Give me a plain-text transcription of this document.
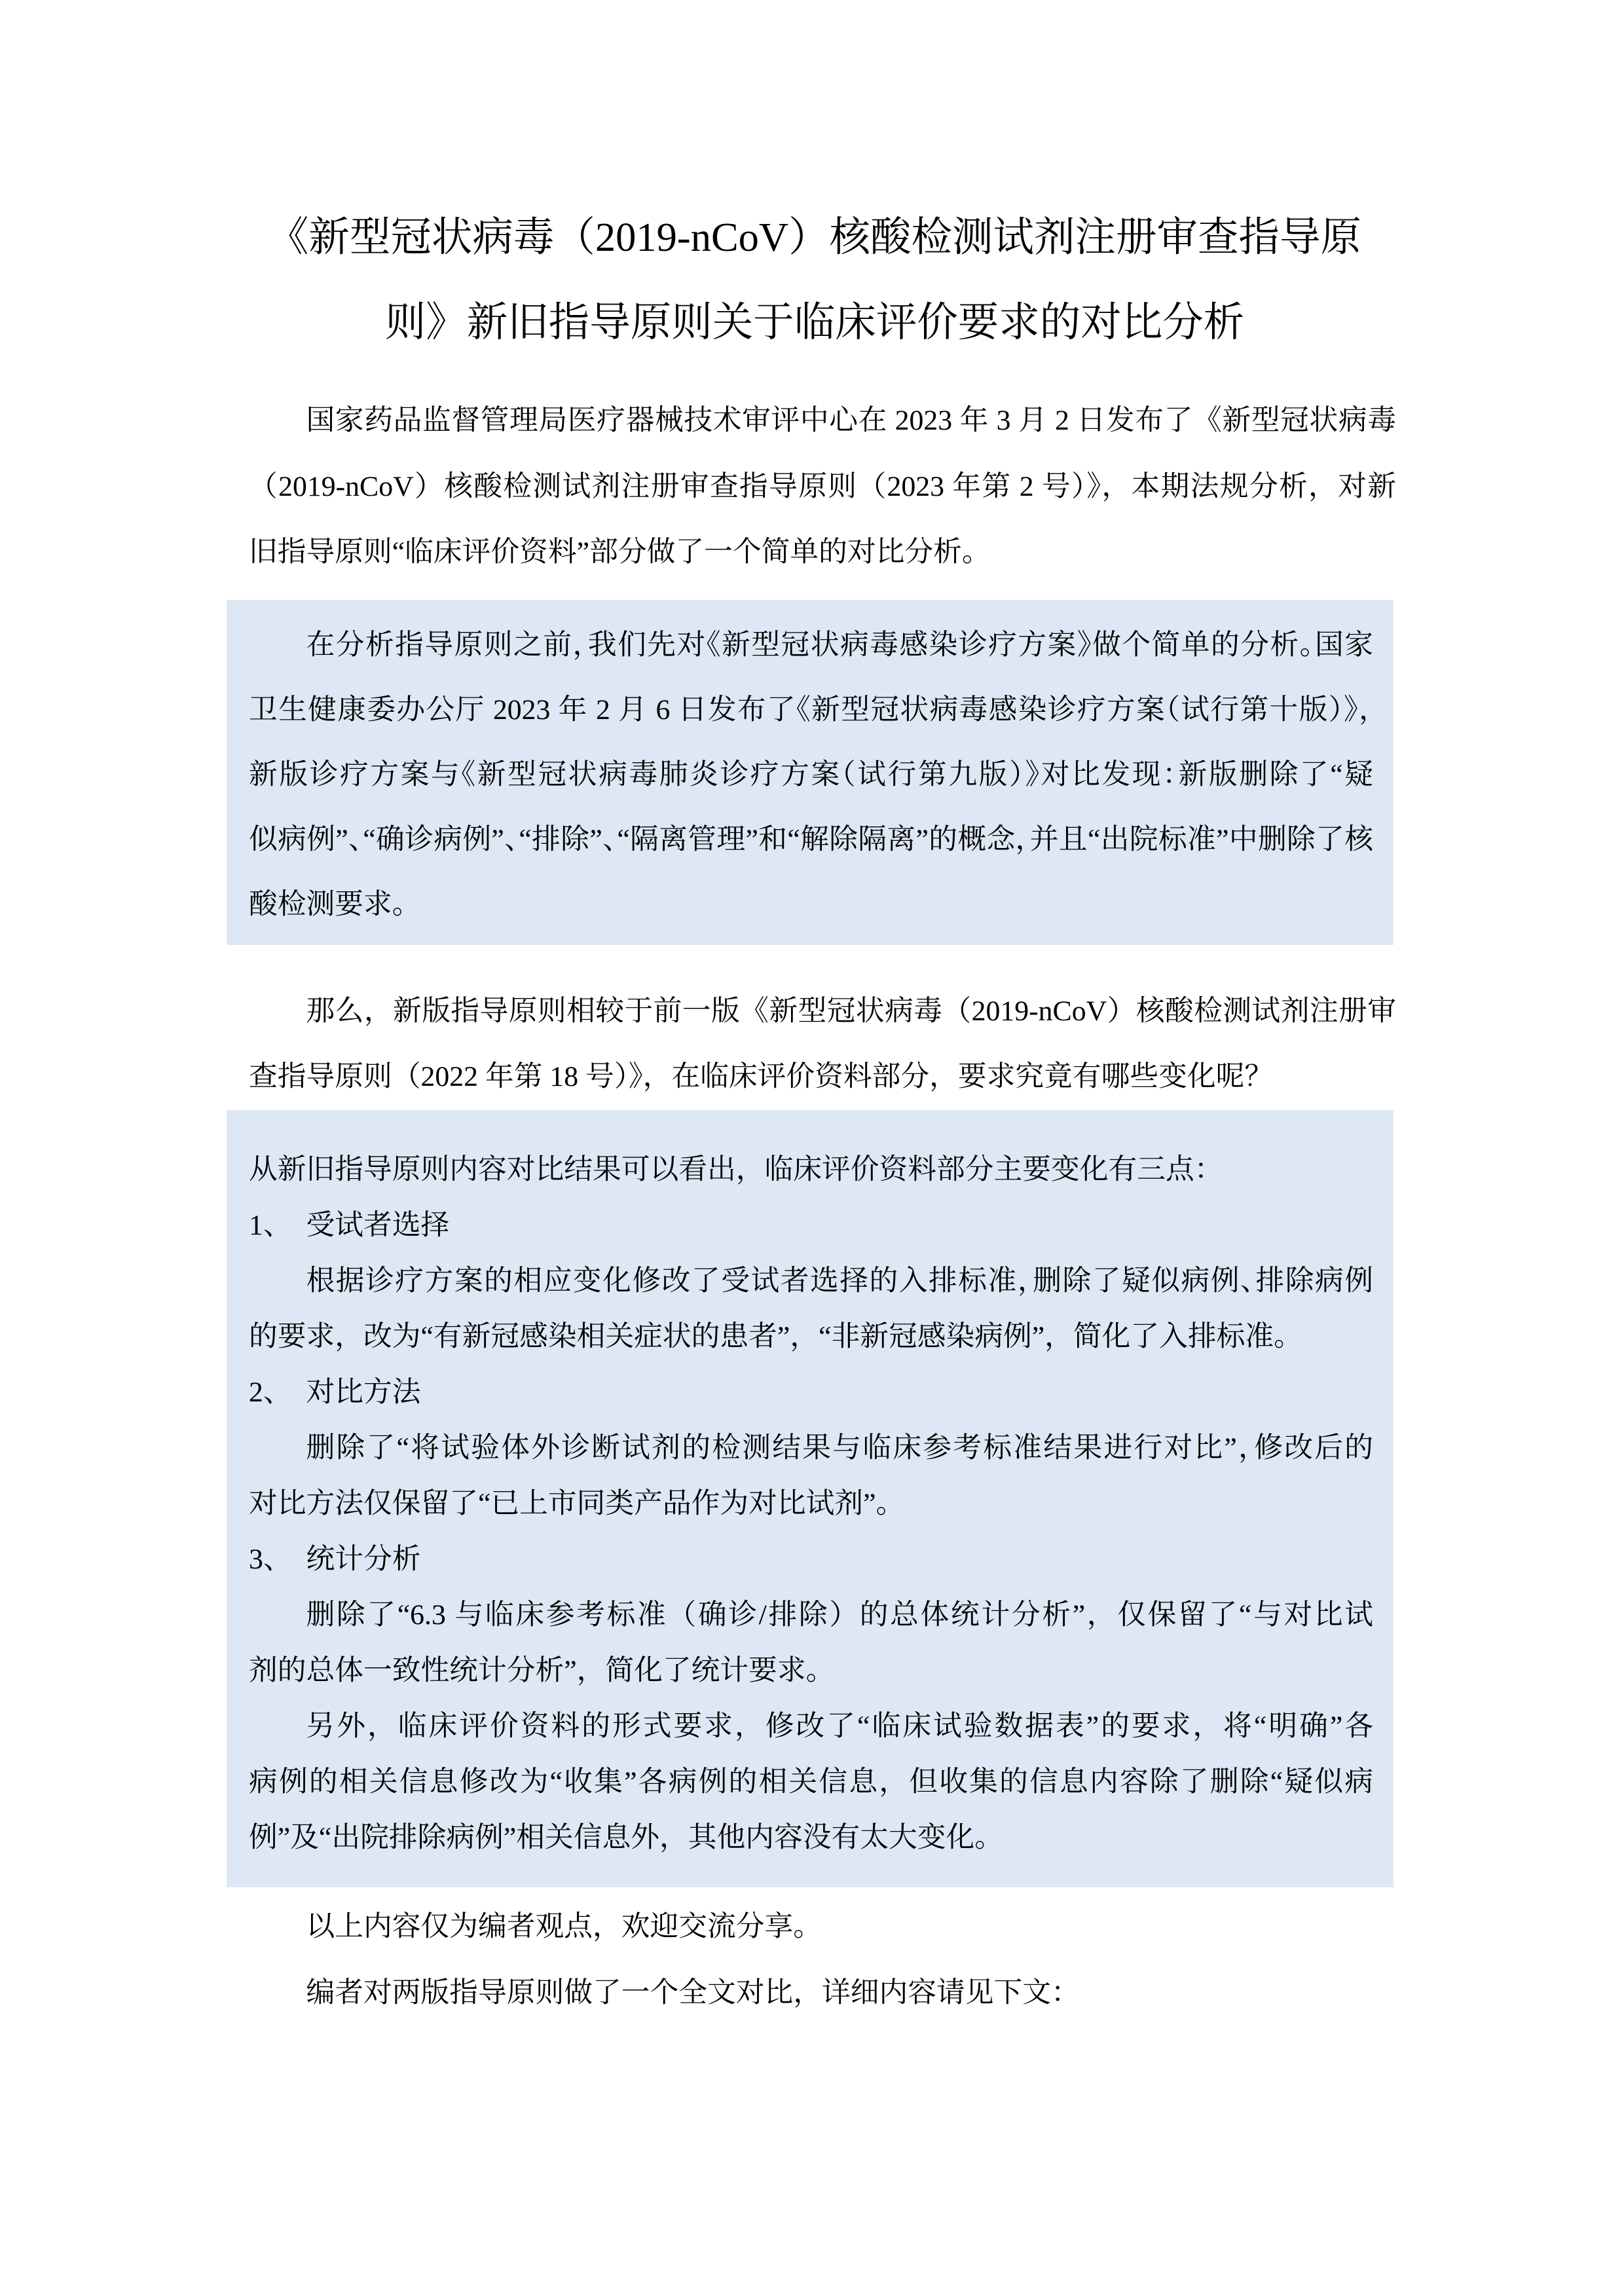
《新型冠状病毒（2019-nCoV）核酸检测试剂注册审查指导原
则》新旧指导原则关于临床评价要求的对比分析
国家药品监督管理局医疗器械技术审评中心在 2023 年 3 月 2 日发布了《新型冠状病毒
（2019-nCoV）核酸检测试剂注册审查指导原则（2023 年第 2 号）》，本期法规分析，对新
旧指导原则“临床评价资料”部分做了一个简单的对比分析。
在分析指导原则之前，我们先对《新型冠状病毒感染诊疗方案》做个简单的分析。国家
卫生健康委办公厅 2023 年 2 月 6 日发布了《新型冠状病毒感染诊疗方案（试行第十版）》，
新版诊疗方案与《新型冠状病毒肺炎诊疗方案（试行第九版）》对比发现：新版删除了“疑
似病例”、“确诊病例”、“排除”、“隔离管理”和“解除隔离”的概念，并且“出院标准”中删除了核
酸检测要求。
那么，新版指导原则相较于前一版《新型冠状病毒（2019-nCoV）核酸检测试剂注册审
查指导原则（2022 年第 18 号）》，在临床评价资料部分，要求究竟有哪些变化呢？
从新旧指导原则内容对比结果可以看出，临床评价资料部分主要变化有三点：
1、 受试者选择
根据诊疗方案的相应变化修改了受试者选择的入排标准，删除了疑似病例、排除病例
的要求，改为“有新冠感染相关症状的患者”，“非新冠感染病例”，简化了入排标准。
2、 对比方法
删除了“将试验体外诊断试剂的检测结果与临床参考标准结果进行对比”，修改后的
对比方法仅保留了“已上市同类产品作为对比试剂”。
3、 统计分析
删除了“6.3 与临床参考标准（确诊/排除）的总体统计分析”，仅保留了“与对比试
剂的总体一致性统计分析”，简化了统计要求。
另外，临床评价资料的形式要求，修改了“临床试验数据表”的要求，将“明确”各
病例的相关信息修改为“收集”各病例的相关信息，但收集的信息内容除了删除“疑似病
例”及“出院排除病例”相关信息外，其他内容没有太大变化。
以上内容仅为编者观点，欢迎交流分享。
编者对两版指导原则做了一个全文对比，详细内容请见下文：
